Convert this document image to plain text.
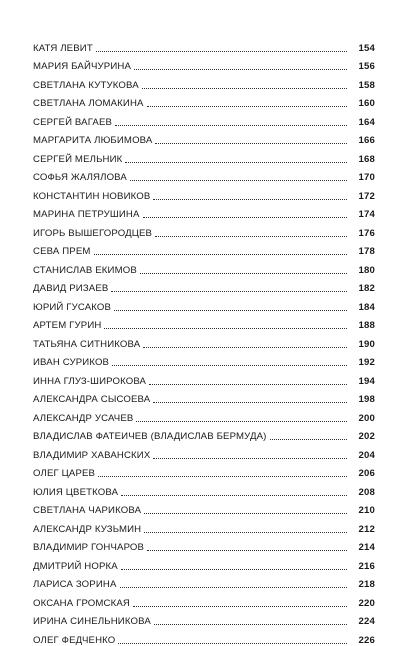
КАТЯ ЛЕВИТ	154
МАРИЯ БАЙЧУРИНА	156
СВЕТЛАНА КУТУКОВА	158
СВЕТЛАНА ЛОМАКИНА	160
СЕРГЕЙ ВАГАЕВ	164
МАРГАРИТА ЛЮБИМОВА	166
СЕРГЕЙ МЕЛЬНИК	168
СОФЬЯ ЖАЛЯЛОВА	170
КОНСТАНТИН НОВИКОВ	172
МАРИНА ПЕТРУШИНА	174
ИГОРЬ ВЫШЕГОРОДЦЕВ	176
СЕВА ПРЕМ	178
СТАНИСЛАВ ЕКИМОВ	180
ДАВИД РИЗАЕВ	182
ЮРИЙ ГУСАКОВ	184
АРТЕМ ГУРИН	188
ТАТЬЯНА СИТНИКОВА	190
ИВАН СУРИКОВ	192
ИННА ГЛУЗ-ШИРОКОВА	194
АЛЕКСАНДРА СЫСОЕВА	198
АЛЕКСАНДР УСАЧЕВ	200
ВЛАДИСЛАВ ФАТЕИЧЕВ (ВЛАДИСЛАВ БЕРМУДА)	202
ВЛАДИМИР ХАВАНСКИХ	204
ОЛЕГ ЦАРЕВ	206
ЮЛИЯ ЦВЕТКОВА	208
СВЕТЛАНА ЧАРИКОВА	210
АЛЕКСАНДР КУЗЬМИН	212
ВЛАДИМИР ГОНЧАРОВ	214
ДМИТРИЙ НОРКА	216
ЛАРИСА ЗОРИНА	218
ОКСАНА ГРОМСКАЯ	220
ИРИНА СИНЕЛЬНИКОВА	224
ОЛЕГ ФЕДЧЕНКО	226
